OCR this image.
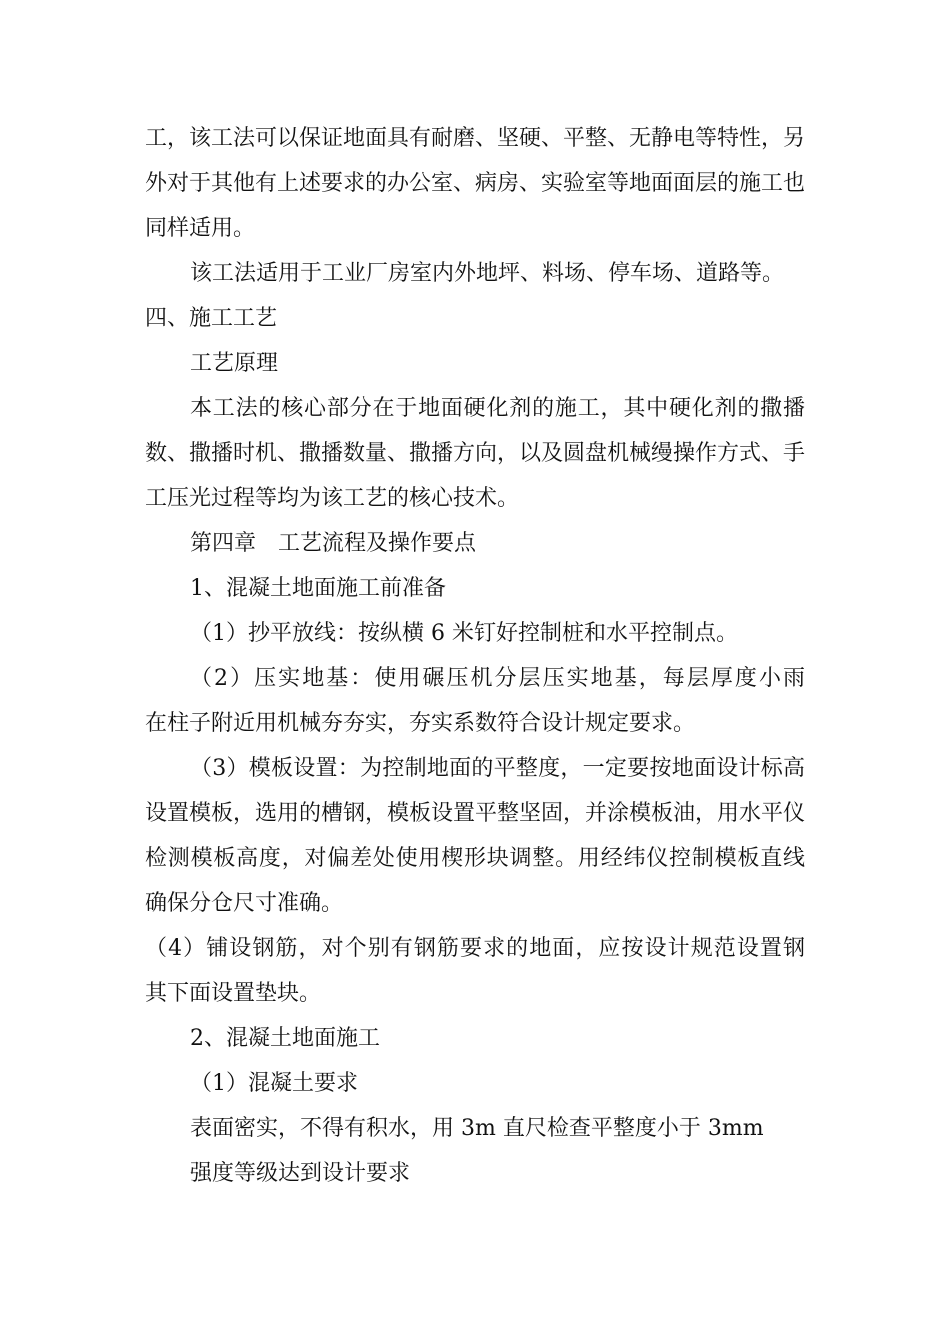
工，该工法可以保证地面具有耐磨、坚硬、平整、无静电等特性，另
外对于其他有上述要求的办公室、病房、实验室等地面面层的施工也
同样适用。
该工法适用于工业厂房室内外地坪、料场、停车场、道路等。
四、施工工艺
工艺原理
本工法的核心部分在于地面硬化剂的施工，其中硬化剂的撒播
数、撒播时机、撒播数量、撒播方向，以及圆盘机械缦操作方式、手
工压光过程等均为该工艺的核心技术。
第四章　工艺流程及操作要点
1、混凝土地面施工前准备
（1）抄平放线：按纵横 6 米钉好控制桩和水平控制点。
（2）压实地基：使用碾压机分层压实地基，每层厚度小雨
在柱子附近用机械夯夯实，夯实系数符合设计规定要求。
（3）模板设置：为控制地面的平整度，一定要按地面设计标高
设置模板，选用的槽钢，模板设置平整坚固，并涂模板油，用水平仪
检测模板高度，对偏差处使用楔形块调整。用经纬仪控制模板直线
确保分仓尺寸准确。
（4）铺设钢筋，对个别有钢筋要求的地面，应按设计规范设置钢
其下面设置垫块。
2、混凝土地面施工
（1）混凝土要求
表面密实，不得有积水，用 3m 直尺检查平整度小于 3mm
强度等级达到设计要求
